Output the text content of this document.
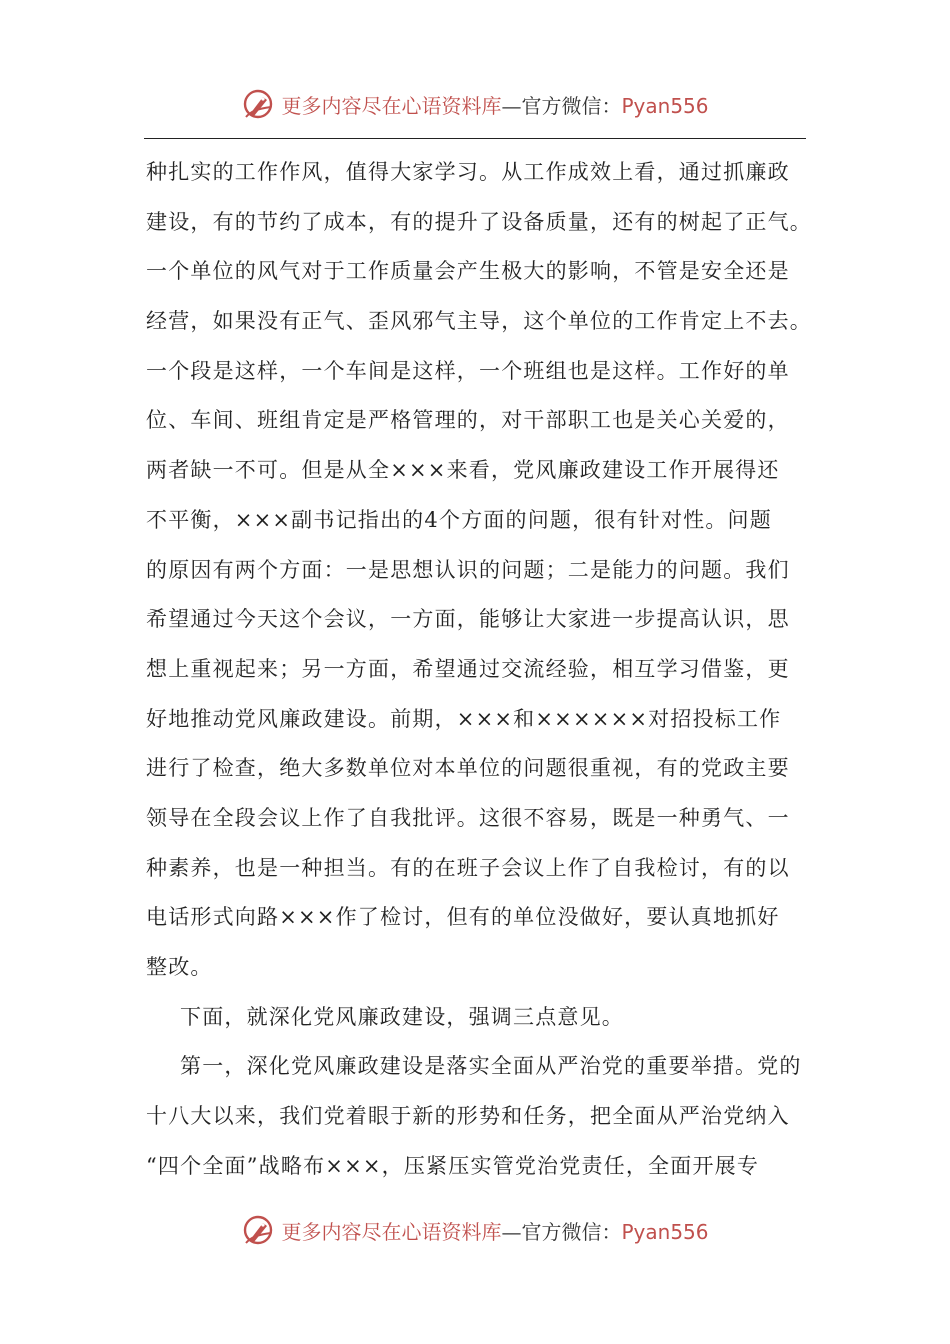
更多内容尽在心语资料库—官方微信：Pyan556
种扎实的工作作风，值得大家学习。从工作成效上看，通过抓廉政
建设，有的节约了成本，有的提升了设备质量，还有的树起了正气。
一个单位的风气对于工作质量会产生极大的影响，不管是安全还是
经营，如果没有正气、歪风邪气主导，这个单位的工作肯定上不去。
一个段是这样，一个车间是这样，一个班组也是这样。工作好的单
位、车间、班组肯定是严格管理的，对干部职工也是关心关爱的，
两者缺一不可。但是从全×××来看，党风廉政建设工作开展得还
不平衡，×××副书记指出的4个方面的问题，很有针对性。问题
的原因有两个方面：一是思想认识的问题；二是能力的问题。我们
希望通过今天这个会议，一方面，能够让大家进一步提高认识，思
想上重视起来；另一方面，希望通过交流经验，相互学习借鉴，更
好地推动党风廉政建设。前期，×××和××××××对招投标工作
进行了检查，绝大多数单位对本单位的问题很重视，有的党政主要
领导在全段会议上作了自我批评。这很不容易，既是一种勇气、一
种素养，也是一种担当。有的在班子会议上作了自我检讨，有的以
电话形式向路×××作了检讨，但有的单位没做好，要认真地抓好
整改。
下面，就深化党风廉政建设，强调三点意见。
第一，深化党风廉政建设是落实全面从严治党的重要举措。党的
十八大以来，我们党着眼于新的形势和任务，把全面从严治党纳入
“四个全面”战略布×××，压紧压实管党治党责任，全面开展专
更多内容尽在心语资料库—官方微信：Pyan556
